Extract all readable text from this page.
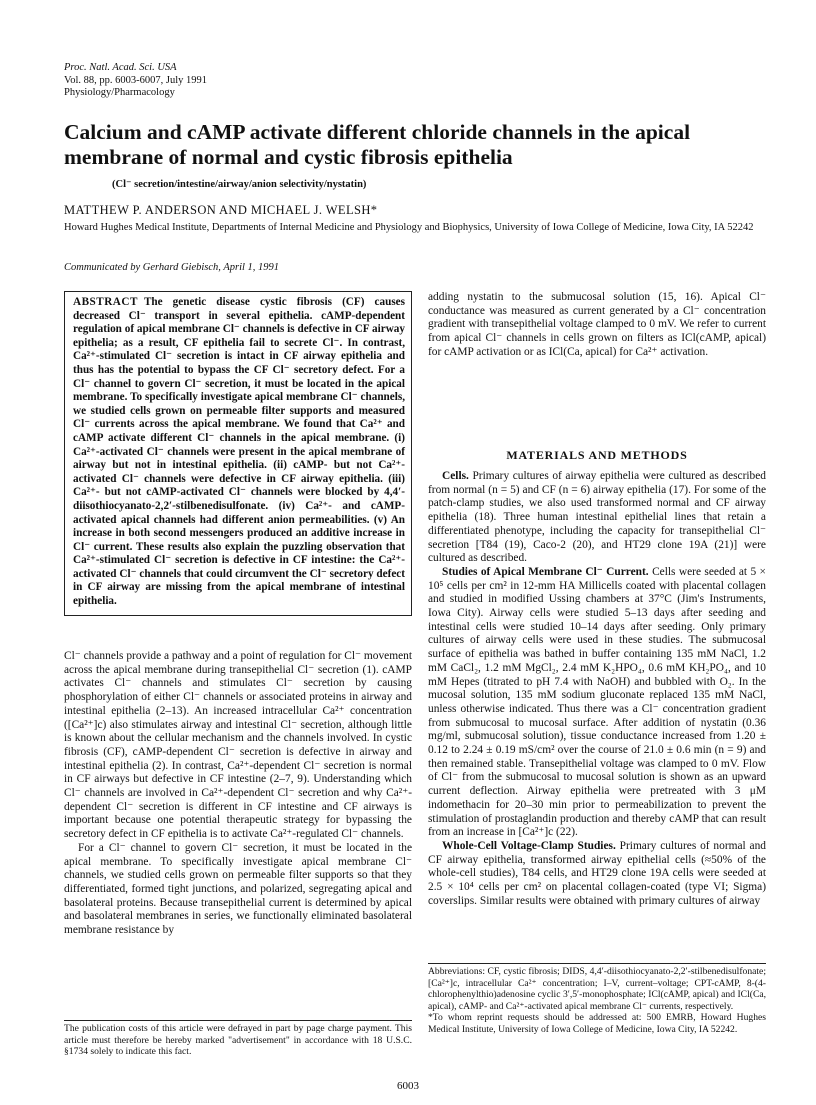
Proc. Natl. Acad. Sci. USA
Vol. 88, pp. 6003-6007, July 1991
Physiology/Pharmacology
Calcium and cAMP activate different chloride channels in the apical membrane of normal and cystic fibrosis epithelia
(Cl⁻ secretion/intestine/airway/anion selectivity/nystatin)
MATTHEW P. ANDERSON AND MICHAEL J. WELSH*
Howard Hughes Medical Institute, Departments of Internal Medicine and Physiology and Biophysics, University of Iowa College of Medicine, Iowa City, IA 52242
Communicated by Gerhard Giebisch, April 1, 1991
ABSTRACT The genetic disease cystic fibrosis (CF) causes decreased Cl⁻ transport in several epithelia. cAMP-dependent regulation of apical membrane Cl⁻ channels is defective in CF airway epithelia; as a result, CF epithelia fail to secrete Cl⁻. In contrast, Ca²⁺-stimulated Cl⁻ secretion is intact in CF airway epithelia and thus has the potential to bypass the CF Cl⁻ secretory defect. For a Cl⁻ channel to govern Cl⁻ secretion, it must be located in the apical membrane. To specifically investigate apical membrane Cl⁻ channels, we studied cells grown on permeable filter supports and measured Cl⁻ currents across the apical membrane. We found that Ca²⁺ and cAMP activate different Cl⁻ channels in the apical membrane. (i) Ca²⁺-activated Cl⁻ channels were present in the apical membrane of airway but not in intestinal epithelia. (ii) cAMP- but not Ca²⁺-activated Cl⁻ channels were defective in CF airway epithelia. (iii) Ca²⁺- but not cAMP-activated Cl⁻ channels were blocked by 4,4′-diisothiocyanato-2,2′-stilbenedisulfonate. (iv) Ca²⁺- and cAMP-activated apical channels had different anion permeabilities. (v) An increase in both second messengers produced an additive increase in Cl⁻ current. These results also explain the puzzling observation that Ca²⁺-stimulated Cl⁻ secretion is defective in CF intestine: the Ca²⁺-activated Cl⁻ channels that could circumvent the Cl⁻ secretory defect in CF airway are missing from the apical membrane of intestinal epithelia.

Cl⁻ channels provide a pathway and a point of regulation for Cl⁻ movement across the apical membrane during transepithelial Cl⁻ secretion (1). cAMP activates Cl⁻ channels and stimulates Cl⁻ secretion by causing phosphorylation of either Cl⁻ channels or associated proteins in airway and intestinal epithelia (2–13). An increased intracellular Ca²⁺ concentration ([Ca²⁺]c) also stimulates airway and intestinal Cl⁻ secretion, although little is known about the cellular mechanism and the channels involved. In cystic fibrosis (CF), cAMP-dependent Cl⁻ secretion is defective in airway and intestinal epithelia (2). In contrast, Ca²⁺-dependent Cl⁻ secretion is normal in CF airways but defective in CF intestine (2–7, 9). Understanding which Cl⁻ channels are involved in Ca²⁺-dependent Cl⁻ secretion and why Ca²⁺-dependent Cl⁻ secretion is different in CF intestine and CF airways is important because one potential therapeutic strategy for bypassing the secretory defect in CF epithelia is to activate Ca²⁺-regulated Cl⁻ channels.

For a Cl⁻ channel to govern Cl⁻ secretion, it must be located in the apical membrane. To specifically investigate apical membrane Cl⁻ channels, we studied cells grown on permeable filter supports so that they differentiated, formed tight junctions, and polarized, segregating apical and basolateral proteins. Because transepithelial current is determined by apical and basolateral membranes in series, we functionally eliminated basolateral membrane resistance by

adding nystatin to the submucosal solution (15, 16). Apical Cl⁻ conductance was measured as current generated by a Cl⁻ concentration gradient with transepithelial voltage clamped to 0 mV. We refer to current from apical Cl⁻ channels in cells grown on filters as ICl(cAMP, apical) for cAMP activation or as ICl(Ca, apical) for Ca²⁺ activation.

MATERIALS AND METHODS

Cells. Primary cultures of airway epithelia were cultured as described from normal (n = 5) and CF (n = 6) airway epithelia (17). For some of the patch-clamp studies, we also used transformed normal and CF airway epithelia (18). Three human intestinal epithelial lines that retain a differentiated phenotype, including the capacity for transepithelial Cl⁻ secretion [T84 (19), Caco-2 (20), and HT29 clone 19A (21)] were cultured as described.

Studies of Apical Membrane Cl⁻ Current. Cells were seeded at 5 × 10⁵ cells per cm² in 12-mm HA Millicells coated with placental collagen and studied in modified Ussing chambers at 37°C (Jim's Instruments, Iowa City). Airway cells were studied 5–13 days after seeding and intestinal cells were studied 10–14 days after seeding. Only primary cultures of airway cells were used in these studies. The submucosal surface of epithelia was bathed in buffer containing 135 mM NaCl, 1.2 mM CaCl₂, 1.2 mM MgCl₂, 2.4 mM K₂HPO₄, 0.6 mM KH₂PO₄, and 10 mM Hepes (titrated to pH 7.4 with NaOH) and bubbled with O₂. In the mucosal solution, 135 mM sodium gluconate replaced 135 mM NaCl, unless otherwise indicated. Thus there was a Cl⁻ concentration gradient from submucosal to mucosal surface. After addition of nystatin (0.36 mg/ml, submucosal solution), tissue conductance increased from 1.20 ± 0.12 to 2.24 ± 0.19 mS/cm² over the course of 21.0 ± 0.6 min (n = 9) and then remained stable. Transepithelial voltage was clamped to 0 mV. Flow of Cl⁻ from the submucosal to mucosal solution is shown as an upward current deflection. Airway epithelia were pretreated with 3 μM indomethacin for 20–30 min prior to permeabilization to prevent the stimulation of prostaglandin production and thereby cAMP that can result from an increase in [Ca²⁺]c (22).

Whole-Cell Voltage-Clamp Studies. Primary cultures of normal and CF airway epithelia, transformed airway epithelial cells (≈50% of the whole-cell studies), T84 cells, and HT29 clone 19A cells were seeded at 2.5 × 10⁴ cells per cm² on placental collagen-coated (type VI; Sigma) coverslips. Similar results were obtained with primary cultures of airway

The publication costs of this article were defrayed in part by page charge payment. This article must therefore be hereby marked "advertisement" in accordance with 18 U.S.C. §1734 solely to indicate this fact.

Abbreviations: CF, cystic fibrosis; DIDS, 4,4′-diisothiocyanato-2,2′-stilbenedisulfonate; [Ca²⁺]c, intracellular Ca²⁺ concentration; I–V, current–voltage; CPT-cAMP, 8-(4-chlorophenylthio)adenosine cyclic 3′,5′-monophosphate; ICl(cAMP, apical) and ICl(Ca, apical), cAMP- and Ca²⁺-activated apical membrane Cl⁻ currents, respectively.

*To whom reprint requests should be addressed at: 500 EMRB, Howard Hughes Medical Institute, University of Iowa College of Medicine, Iowa City, IA 52242.

6003
